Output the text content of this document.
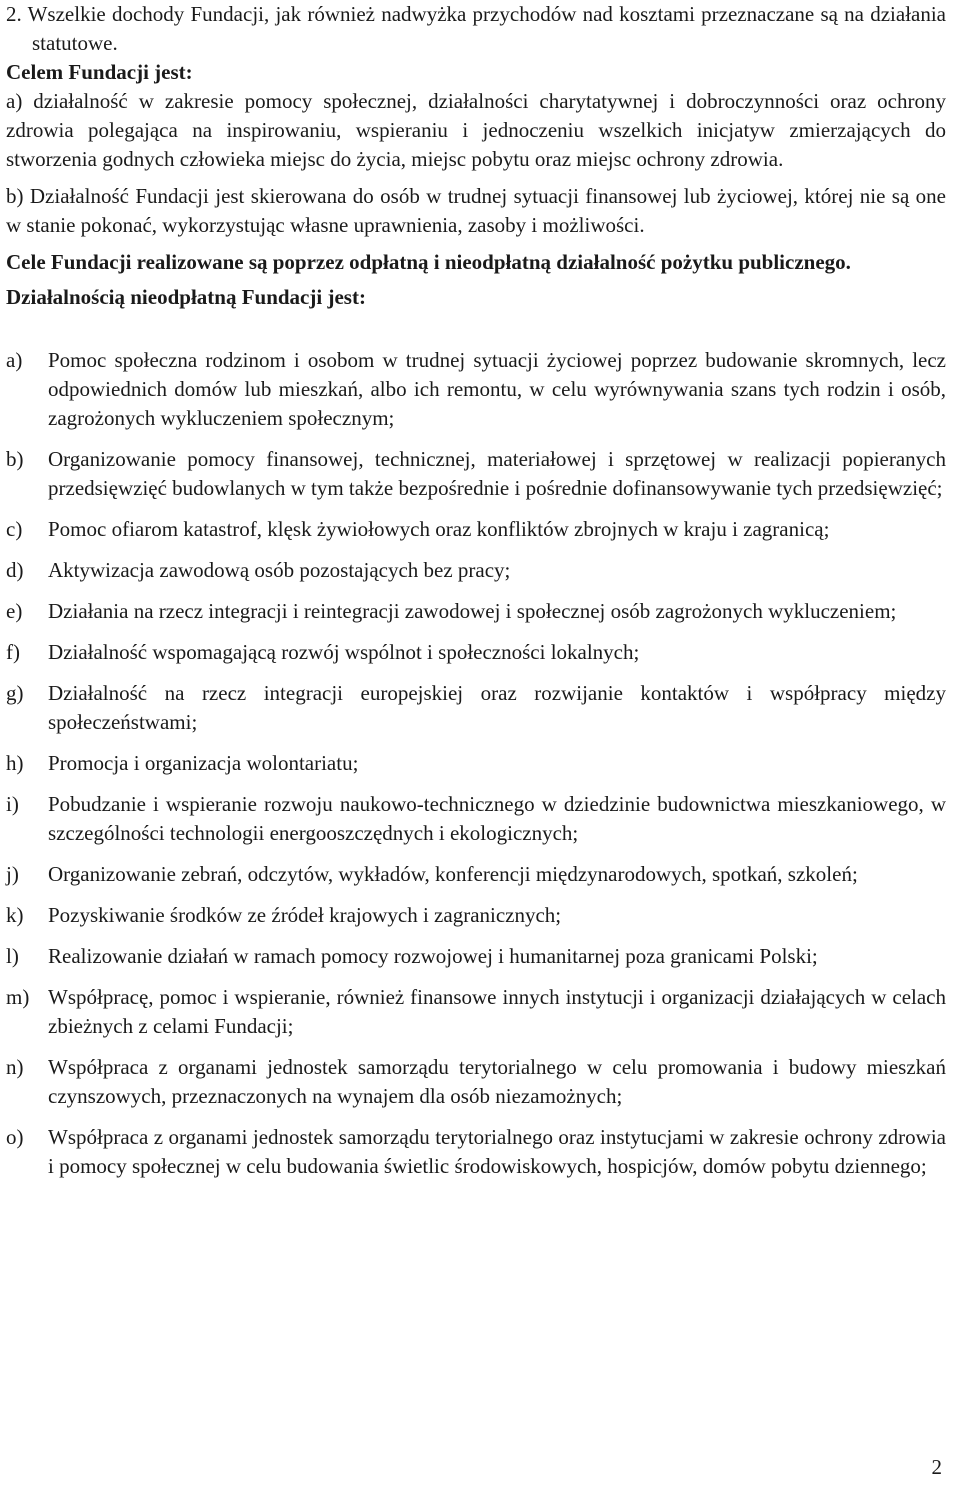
2. Wszelkie dochody Fundacji, jak również nadwyżka przychodów nad kosztami przeznaczane są na działania statutowe.

Celem Fundacji jest:

a) działalność w zakresie pomocy społecznej, działalności charytatywnej i dobroczynności oraz ochrony zdrowia polegająca na inspirowaniu, wspieraniu i jednoczeniu wszelkich inicjatyw zmierzających do stworzenia godnych człowieka miejsc do życia, miejsc pobytu oraz miejsc ochrony zdrowia.

b) Działalność Fundacji jest skierowana do osób w trudnej sytuacji finansowej lub życiowej, której nie są one w stanie pokonać, wykorzystując własne uprawnienia, zasoby i możliwości.

Cele Fundacji realizowane są poprzez odpłatną i nieodpłatną działalność pożytku publicznego.

Działalnością nieodpłatną Fundacji jest:

a) Pomoc społeczna rodzinom i osobom w trudnej sytuacji życiowej poprzez budowanie skromnych, lecz odpowiednich domów lub mieszkań, albo ich remontu, w celu wyrównywania szans tych rodzin i osób, zagrożonych wykluczeniem społecznym;
b) Organizowanie pomocy finansowej, technicznej, materiałowej i sprzętowej w realizacji popieranych przedsięwzięć budowlanych w tym także bezpośrednie i pośrednie dofinansowywanie tych przedsięwzięć;
c) Pomoc ofiarom katastrof, klęsk żywiołowych oraz konfliktów zbrojnych w kraju i zagranicą;
d) Aktywizacja zawodową osób pozostających bez pracy;
e) Działania na rzecz integracji i reintegracji zawodowej i społecznej osób zagrożonych wykluczeniem;
f) Działalność wspomagającą rozwój wspólnot i społeczności lokalnych;
g) Działalność na rzecz integracji europejskiej oraz rozwijanie kontaktów i współpracy między społeczeństwami;
h) Promocja i organizacja wolontariatu;
i) Pobudzanie i wspieranie rozwoju naukowo-technicznego w dziedzinie budownictwa mieszkaniowego, w szczególności technologii energooszczędnych i ekologicznych;
j) Organizowanie zebrań, odczytów, wykładów, konferencji międzynarodowych, spotkań, szkoleń;
k) Pozyskiwanie środków ze źródeł krajowych i zagranicznych;
l) Realizowanie działań w ramach pomocy rozwojowej i humanitarnej poza granicami Polski;
m) Współpracę, pomoc i wspieranie, również finansowe innych instytucji i organizacji działających w celach zbieżnych z celami Fundacji;
n) Współpraca z organami jednostek samorządu terytorialnego w celu promowania i budowy mieszkań czynszowych, przeznaczonych na wynajem dla osób niezamożnych;
o) Współpraca z organami jednostek samorządu terytorialnego oraz instytucjami w zakresie ochrony zdrowia i pomocy społecznej w celu budowania świetlic środowiskowych, hospicjów, domów pobytu dziennego;
2
